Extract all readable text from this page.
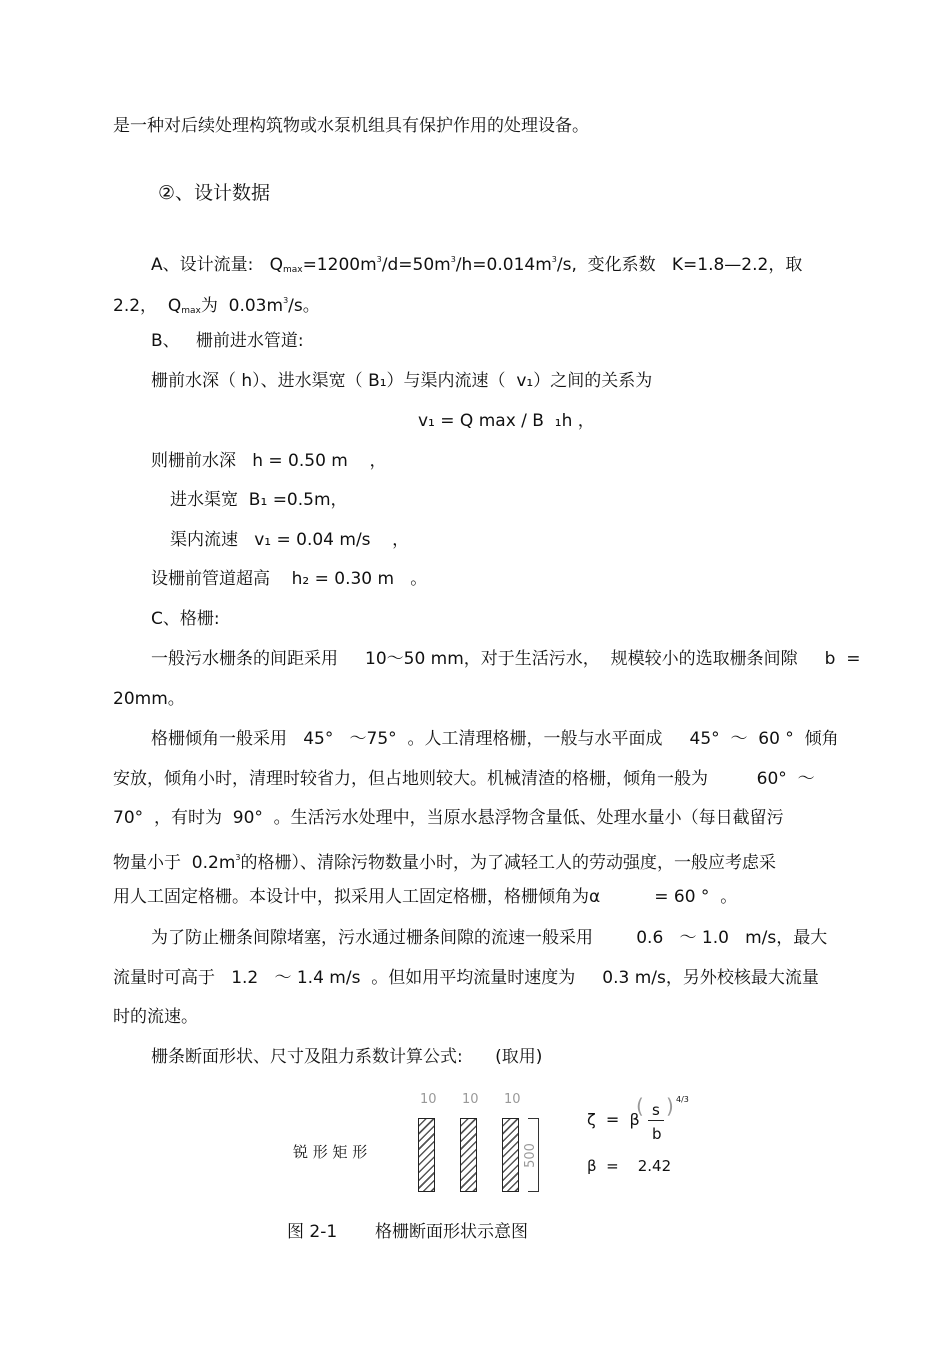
是一种对后续处理构筑物或水泵机组具有保护作用的处理设备。
②、设计数据
A、设计流量:   $Q_{max}=1200m^3/d=50m^3/h=0.014m^3/s$,  变化系数   K=1.8—2.2，取
2.2，  $Q_{max}$为  $0.03m^3/s$。
B、   栅前进水管道:
栅前水深（ h）、进水渠宽（ B₁）与渠内流速（  v₁）之间的关系为
v₁ = Q max / B  ₁h ，
则栅前水深   h = 0.50 m    ，
进水渠宽  B₁ =0.5m，
渠内流速   v₁ = 0.04 m/s    ，
设栅前管道超高    h₂ = 0.30 m   。
C、格栅:
一般污水栅条的间距采用     10～50 mm，对于生活污水，  规模较小的选取栅条间隙     b  =
20mm。
格栅倾角一般采用   45°   ～75°  。人工清理格栅，一般与水平面成     45°  ～  60 °  倾角
安放，倾角小时，清理时较省力，但占地则较大。机械清渣的格栅，倾角一般为         60°  ～
70°  ，有时为  90°  。生活污水处理中，当原水悬浮物含量低、处理水量小（每日截留污
物量小于  $0.2m^3$的格栅）、清除污物数量小时，为了减轻工人的劳动强度，一般应考虑采
用人工固定格栅。本设计中，拟采用人工固定格栅，格栅倾角为α          = 60 °  。
为了防止栅条间隙堵塞，污水通过栅条间隙的流速一般采用        0.6   ～ 1.0   m/s，最大
流量时可高于   1.2   ～ 1.4 m/s  。但如用平均流量时速度为     0.3 m/s，另外校核最大流量
时的流速。
栅条断面形状、尺寸及阻力系数计算公式:      (取用)
锐 形 矩 形
10 10 10
500
ζ  =  β
( s
b
) 4/3
β  =    2.42
图 2-1       格栅断面形状示意图
